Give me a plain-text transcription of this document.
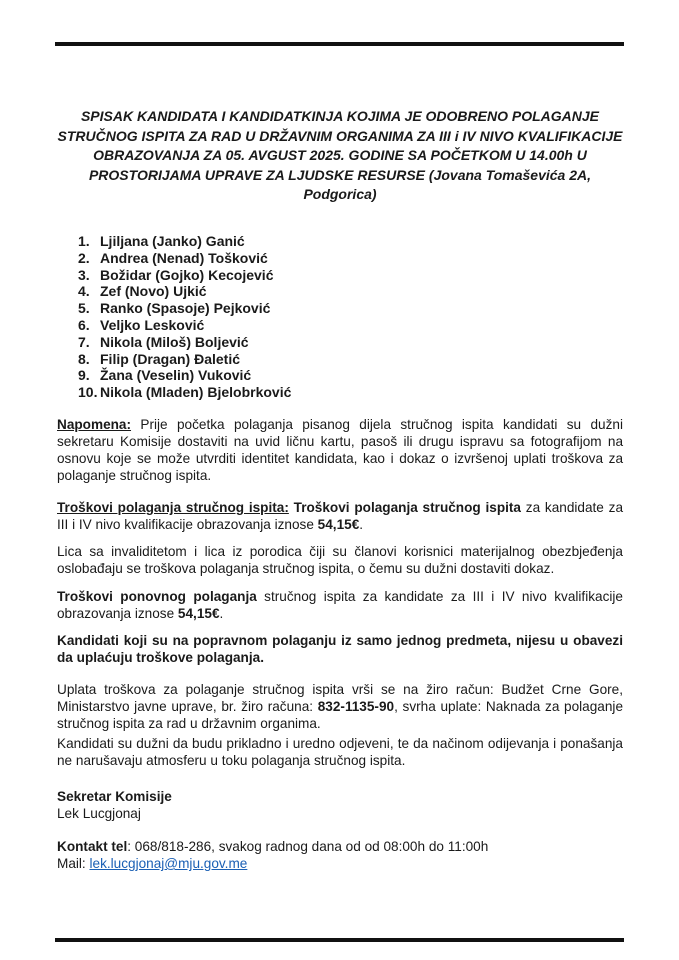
SPISAK KANDIDATA I KANDIDATKINJA KOJIMA JE ODOBRENO POLAGANJE STRUČNOG ISPITA ZA RAD U DRŽAVNIM ORGANIMA ZA III i IV NIVO KVALIFIKACIJE OBRAZOVANJA ZA 05. AVGUST 2025. GODINE SA POČETKOM U 14.00h U PROSTORIJAMA UPRAVE ZA LJUDSKE RESURSE (Jovana Tomaševića 2A, Podgorica)
1. Ljiljana (Janko) Ganić
2. Andrea (Nenad) Tošković
3. Božidar (Gojko) Kecojević
4. Zef (Novo) Ujkić
5. Ranko (Spasoje) Pejković
6. Veljko Lesković
7. Nikola (Miloš) Boljević
8. Filip (Dragan) Đaletić
9. Žana (Veselin) Vuković
10. Nikola (Mladen) Bjelobrković

Napomena: Prije početka polaganja pisanog dijela stručnog ispita kandidati su dužni sekretaru Komisije dostaviti na uvid ličnu kartu, pasoš ili drugu ispravu sa fotografijom na osnovu koje se može utvrditi identitet kandidata, kao i dokaz o izvršenoj uplati troškova za polaganje stručnog ispita.

Troškovi polaganja stručnog ispita: Troškovi polaganja stručnog ispita za kandidate za III i IV nivo kvalifikacije obrazovanja iznose 54,15€.

Lica sa invaliditetom i lica iz porodica čiji su članovi korisnici materijalnog obezbjeđenja oslobađaju se troškova polaganja stručnog ispita, o čemu su dužni dostaviti dokaz.

Troškovi ponovnog polaganja stručnog ispita za kandidate za III i IV nivo kvalifikacije obrazovanja iznose 54,15€.

Kandidati koji su na popravnom polaganju iz samo jednog predmeta, nijesu u obavezi da uplaćuju troškove polaganja.

Uplata troškova za polaganje stručnog ispita vrši se na žiro račun: Budžet Crne Gore, Ministarstvo javne uprave, br. žiro računa: 832-1135-90, svrha uplate: Naknada za polaganje stručnog ispita za rad u državnim organima.

Kandidati su dužni da budu prikladno i uredno odjeveni, te da načinom odijevanja i ponašanja ne narušavaju atmosferu u toku polaganja stručnog ispita.

Sekretar Komisije
Lek Lucgjonaj

Kontakt tel: 068/818-286, svakog radnog dana od od 08:00h do 11:00h
Mail: lek.lucgjonaj@mju.gov.me
